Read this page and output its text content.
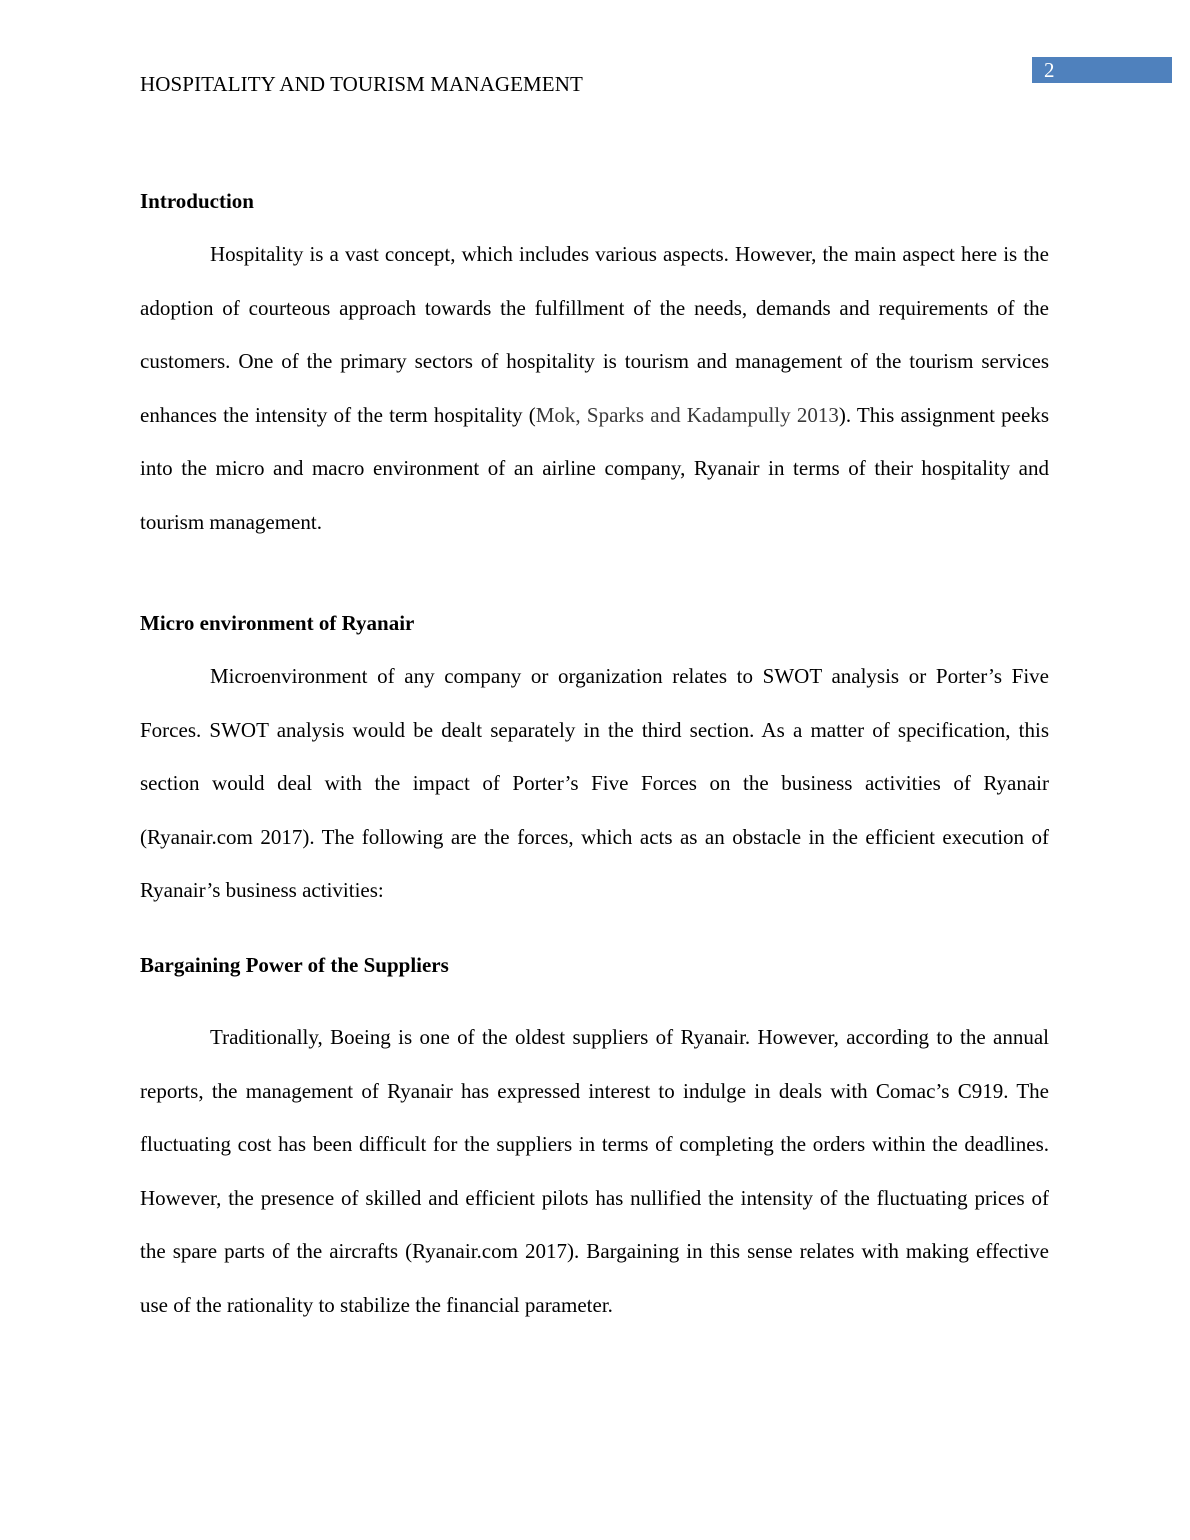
2
HOSPITALITY AND TOURISM MANAGEMENT
Introduction

Hospitality is a vast concept, which includes various aspects. However, the main aspect here is the adoption of courteous approach towards the fulfillment of the needs, demands and requirements of the customers. One of the primary sectors of hospitality is tourism and management of the tourism services enhances the intensity of the term hospitality (Mok, Sparks and Kadampully 2013). This assignment peeks into the micro and macro environment of an airline company, Ryanair in terms of their hospitality and tourism management.

Micro environment of Ryanair

Microenvironment of any company or organization relates to SWOT analysis or Porter’s Five Forces. SWOT analysis would be dealt separately in the third section. As a matter of specification, this section would deal with the impact of Porter’s Five Forces on the business activities of Ryanair (Ryanair.com 2017). The following are the forces, which acts as an obstacle in the efficient execution of Ryanair’s business activities:

Bargaining Power of the Suppliers

Traditionally, Boeing is one of the oldest suppliers of Ryanair. However, according to the annual reports, the management of Ryanair has expressed interest to indulge in deals with Comac’s C919. The fluctuating cost has been difficult for the suppliers in terms of completing the orders within the deadlines. However, the presence of skilled and efficient pilots has nullified the intensity of the fluctuating prices of the spare parts of the aircrafts (Ryanair.com 2017). Bargaining in this sense relates with making effective use of the rationality to stabilize the financial parameter.
